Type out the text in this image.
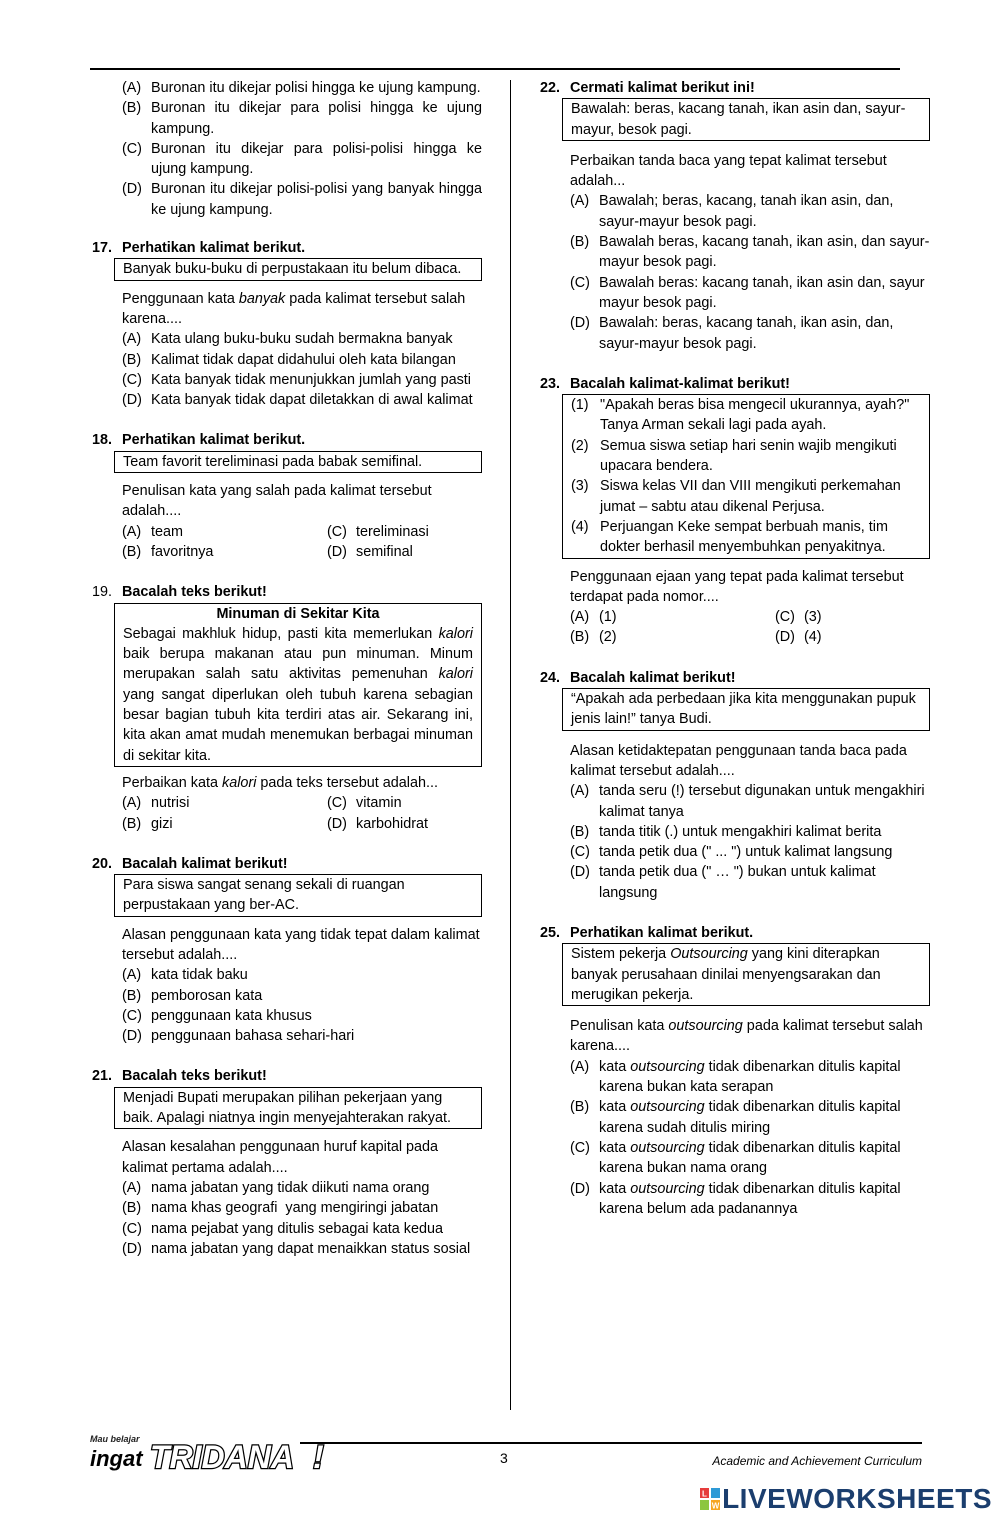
(A) Buronan itu dikejar polisi hingga ke ujung kampung.
(B) Buronan itu dikejar para polisi hingga ke ujung kampung.
(C) Buronan itu dikejar para polisi-polisi hingga ke ujung kampung.
(D) Buronan itu dikejar polisi-polisi yang banyak hingga ke ujung kampung.
17. Perhatikan kalimat berikut.
Banyak buku-buku di perpustakaan itu belum dibaca.
Penggunaan kata banyak pada kalimat tersebut salah karena....
(A) Kata ulang buku-buku sudah bermakna banyak
(B) Kalimat tidak dapat didahului oleh kata bilangan
(C) Kata banyak tidak menunjukkan jumlah yang pasti
(D) Kata banyak tidak dapat diletakkan di awal kalimat
18. Perhatikan kalimat berikut.
Team favorit tereliminasi pada babak semifinal.
Penulisan kata yang salah pada kalimat tersebut adalah....
(A) team	(C) tereliminasi
(B) favoritnya	(D) semifinal
19. Bacalah teks berikut!
Minuman di Sekitar Kita
Sebagai makhluk hidup, pasti kita memerlukan kalori baik berupa makanan atau pun minuman. Minum merupakan salah satu aktivitas pemenuhan kalori yang sangat diperlukan oleh tubuh karena sebagian besar bagian tubuh kita terdiri atas air. Sekarang ini, kita akan amat mudah menemukan berbagai minuman di sekitar kita.
Perbaikan kata kalori pada teks tersebut adalah...
(A) nutrisi	(C) vitamin
(B) gizi	(D) karbohidrat
20. Bacalah kalimat berikut!
Para siswa sangat senang sekali di ruangan perpustakaan yang ber-AC.
Alasan penggunaan kata yang tidak tepat dalam kalimat tersebut adalah....
(A) kata tidak baku
(B) pemborosan kata
(C) penggunaan kata khusus
(D) penggunaan bahasa sehari-hari
21. Bacalah teks berikut!
Menjadi Bupati merupakan pilihan pekerjaan yang baik. Apalagi niatnya ingin menyejahterakan rakyat.
Alasan kesalahan penggunaan huruf kapital pada kalimat pertama adalah....
(A) nama jabatan yang tidak diikuti nama orang
(B) nama khas geografi  yang mengiringi jabatan
(C) nama pejabat yang ditulis sebagai kata kedua
(D) nama jabatan yang dapat menaikkan status sosial
22. Cermati kalimat berikut ini!
Bawalah: beras, kacang tanah, ikan asin dan, sayur-mayur, besok pagi.
Perbaikan tanda baca yang tepat kalimat tersebut adalah...
(A) Bawalah; beras, kacang, tanah ikan asin, dan, sayur-mayur besok pagi.
(B) Bawalah beras, kacang tanah, ikan asin, dan sayur-mayur besok pagi.
(C) Bawalah beras: kacang tanah, ikan asin dan, sayur mayur besok pagi.
(D) Bawalah: beras, kacang tanah, ikan asin, dan, sayur-mayur besok pagi.
23. Bacalah kalimat-kalimat berikut!
(1) "Apakah beras bisa mengecil ukurannya, ayah?" Tanya Arman sekali lagi pada ayah.
(2) Semua siswa setiap hari senin wajib mengikuti upacara bendera.
(3) Siswa kelas VII dan VIII mengikuti perkemahan jumat – sabtu atau dikenal Perjusa.
(4) Perjuangan Keke sempat berbuah manis, tim dokter berhasil menyembuhkan penyakitnya.
Penggunaan ejaan yang tepat pada kalimat tersebut terdapat pada nomor....
(A) (1)	(C) (3)
(B) (2)	(D) (4)
24. Bacalah kalimat berikut!
“Apakah ada perbedaan jika kita menggunakan pupuk jenis lain!” tanya Budi.
Alasan ketidaktepatan penggunaan tanda baca pada kalimat tersebut adalah....
(A) tanda seru (!) tersebut digunakan untuk mengakhiri kalimat tanya
(B) tanda titik (.) untuk mengakhiri kalimat berita
(C) tanda petik dua (" ... ") untuk kalimat langsung
(D) tanda petik dua (" … ") bukan untuk kalimat langsung
25. Perhatikan kalimat berikut.
Sistem pekerja Outsourcing yang kini diterapkan banyak perusahaan dinilai menyengsarakan dan merugikan pekerja.
Penulisan kata outsourcing pada kalimat tersebut salah karena....
(A) kata outsourcing tidak dibenarkan ditulis kapital karena bukan kata serapan
(B) kata outsourcing tidak dibenarkan ditulis kapital karena sudah ditulis miring
(C) kata outsourcing tidak dibenarkan ditulis kapital karena bukan nama orang
(D) kata outsourcing tidak dibenarkan ditulis kapital karena belum ada padanannya
Mau belajar
ingat TRIDANA !	3	Academic and Achievement Curriculum
L
W LIVEWORKSHEETS
